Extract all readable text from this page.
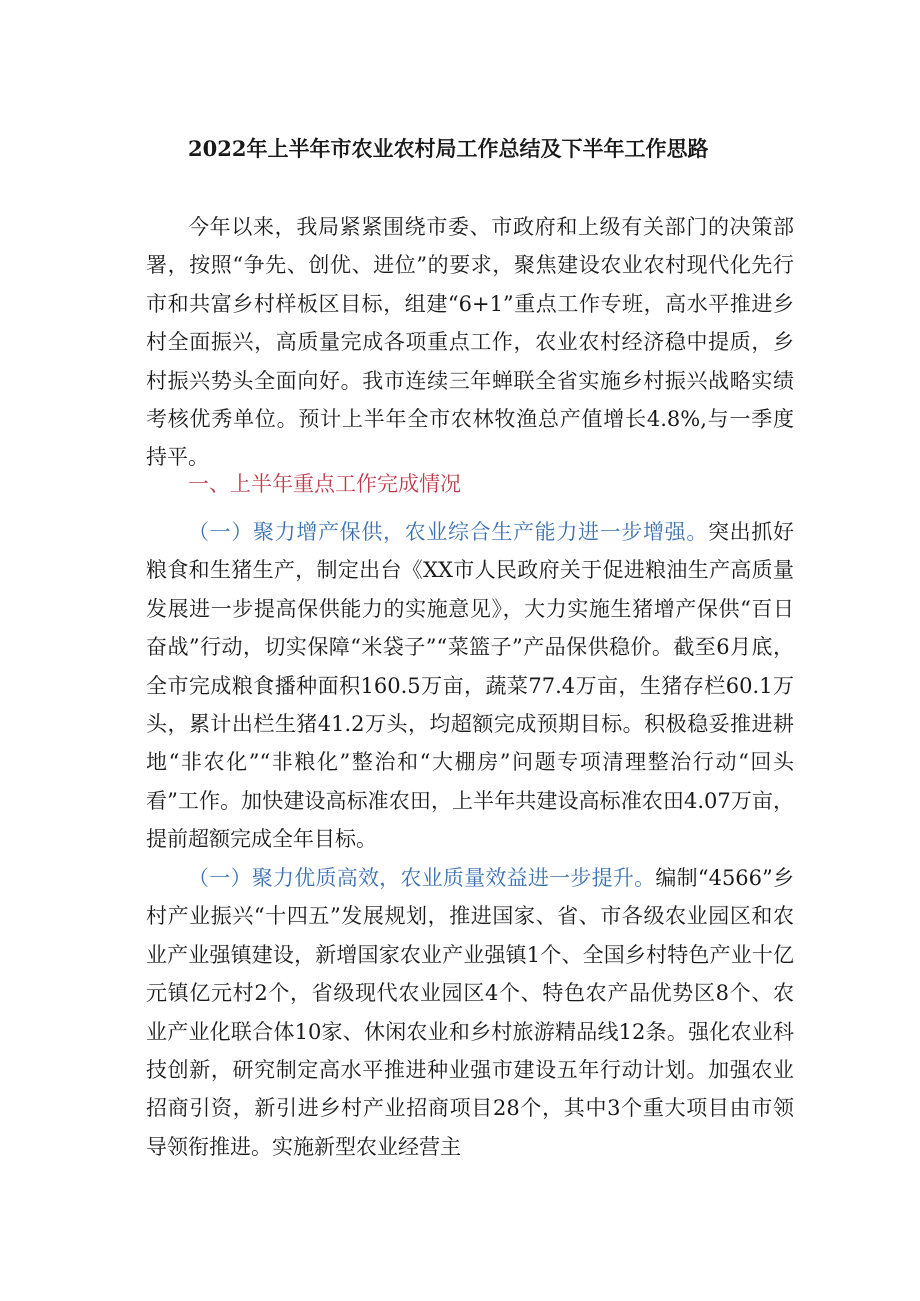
2022年上半年市农业农村局工作总结及下半年工作思路

今年以来，我局紧紧围绕市委、市政府和上级有关部门的决策部署，按照“争先、创优、进位”的要求，聚焦建设农业农村现代化先行市和共富乡村样板区目标，组建“6+1”重点工作专班，高水平推进乡村全面振兴，高质量完成各项重点工作，农业农村经济稳中提质，乡村振兴势头全面向好。我市连续三年蝉联全省实施乡村振兴战略实绩考核优秀单位。预计上半年全市农林牧渔总产值增长4.8%,与一季度持平。

一、上半年重点工作完成情况

（一）聚力增产保供，农业综合生产能力进一步增强。突出抓好粮食和生猪生产，制定出台《XX市人民政府关于促进粮油生产高质量发展进一步提高保供能力的实施意见》，大力实施生猪增产保供“百日奋战”行动，切实保障“米袋子”“菜篮子”产品保供稳价。截至6月底，全市完成粮食播种面积160.5万亩，蔬菜77.4万亩，生猪存栏60.1万头，累计出栏生猪41.2万头，均超额完成预期目标。积极稳妥推进耕地“非农化”“非粮化”整治和“大棚房”问题专项清理整治行动“回头看”工作。加快建设高标准农田，上半年共建设高标准农田4.07万亩，提前超额完成全年目标。

（一）聚力优质高效，农业质量效益进一步提升。编制“4566”乡村产业振兴“十四五”发展规划，推进国家、省、市各级农业园区和农业产业强镇建设，新增国家农业产业强镇1个、全国乡村特色产业十亿元镇亿元村2个，省级现代农业园区4个、特色农产品优势区8个、农业产业化联合体10家、休闲农业和乡村旅游精品线12条。强化农业科技创新，研究制定高水平推进种业强市建设五年行动计划。加强农业招商引资，新引进乡村产业招商项目28个，其中3个重大项目由市领导领衔推进。实施新型农业经营主
